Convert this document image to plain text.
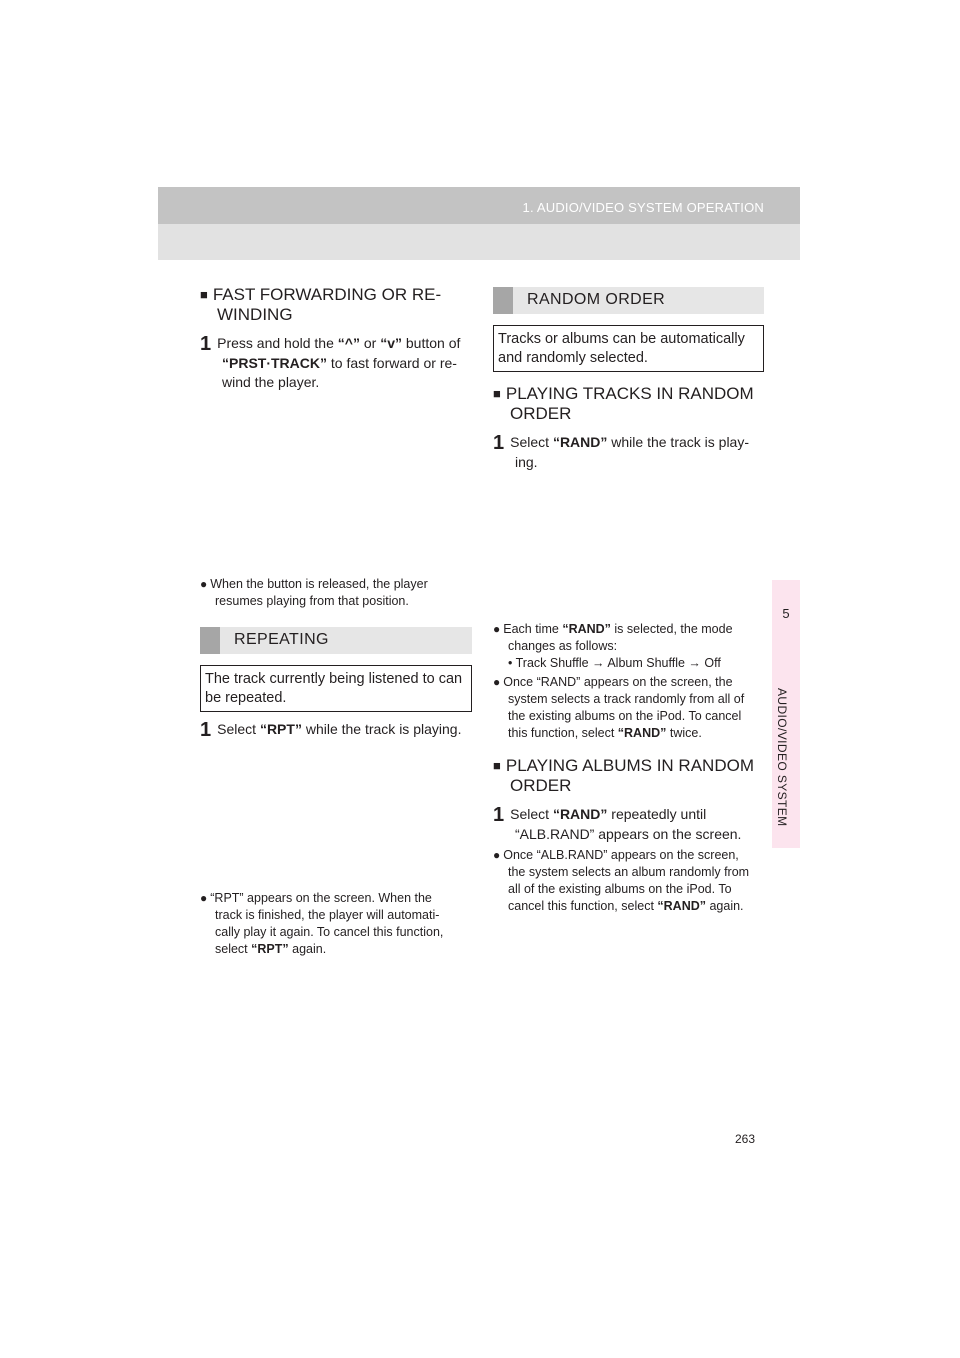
1. AUDIO/VIDEO SYSTEM OPERATION
5
AUDIO/VIDEO SYSTEM
■ FAST FORWARDING OR RE-
WINDING
1 Press and hold the “^” or “v” button of
“PRST·TRACK” to fast forward or re-
wind the player.
● When the button is released, the player
resumes playing from that position.
REPEATING
The track currently being listened to can be repeated.
1 Select “RPT” while the track is playing.
● “RPT” appears on the screen. When the
track is finished, the player will automati-
cally play it again. To cancel this function,
select “RPT” again.
RANDOM ORDER
Tracks or albums can be automatically and randomly selected.
■ PLAYING TRACKS IN RANDOM
ORDER
1 Select “RAND” while the track is play-
ing.
● Each time “RAND” is selected, the mode
changes as follows:
• Track Shuffle → Album Shuffle → Off
● Once “RAND” appears on the screen, the
system selects a track randomly from all of
the existing albums on the iPod. To cancel
this function, select “RAND” twice.
■ PLAYING ALBUMS IN RANDOM
ORDER
1 Select “RAND” repeatedly until
“ALB.RAND” appears on the screen.
● Once “ALB.RAND” appears on the screen,
the system selects an album randomly from
all of the existing albums on the iPod. To
cancel this function, select “RAND” again.
263
